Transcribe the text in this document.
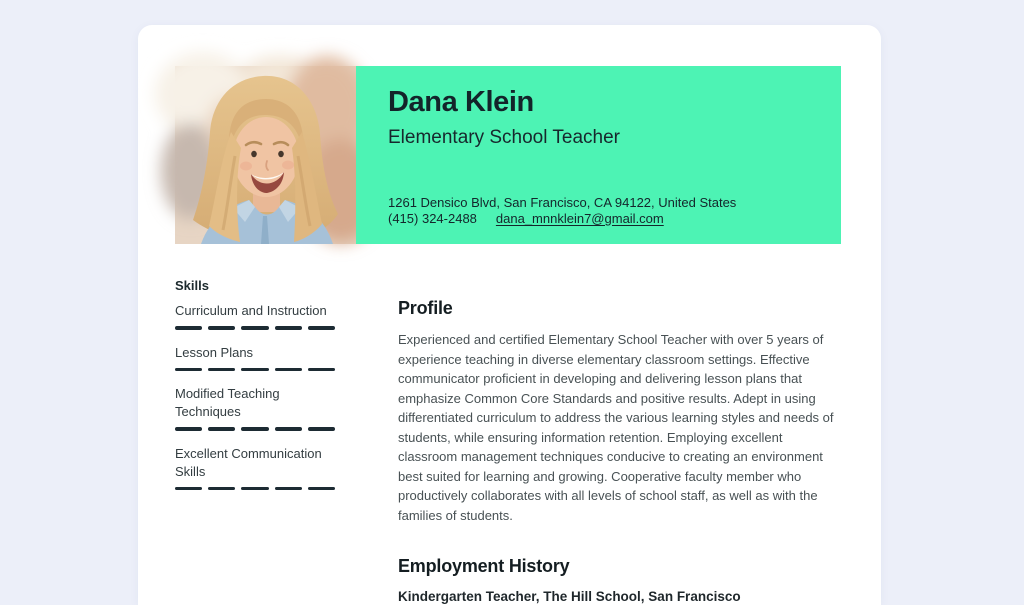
Dana Klein
Elementary School Teacher
1261 Densico Blvd, San Francisco, CA 94122, United States
(415) 324-2488 dana_mnnklein7@gmail.com
Skills
Curriculum and Instruction
Lesson Plans
Modified Teaching Techniques
Excellent Communication Skills
Profile

Experienced and certified Elementary School Teacher with over 5 years of experience teaching in diverse elementary classroom settings. Effective communicator proficient in developing and delivering lesson plans that emphasize Common Core Standards and positive results. Adept in using differentiated curriculum to address the various learning styles and needs of students, while ensuring information retention. Employing excellent classroom management techniques conducive to creating an environment best suited for learning and growing. Cooperative faculty member who productively collaborates with all levels of school staff, as well as with the families of students.

Employment History
Kindergarten Teacher, The Hill School, San Francisco
